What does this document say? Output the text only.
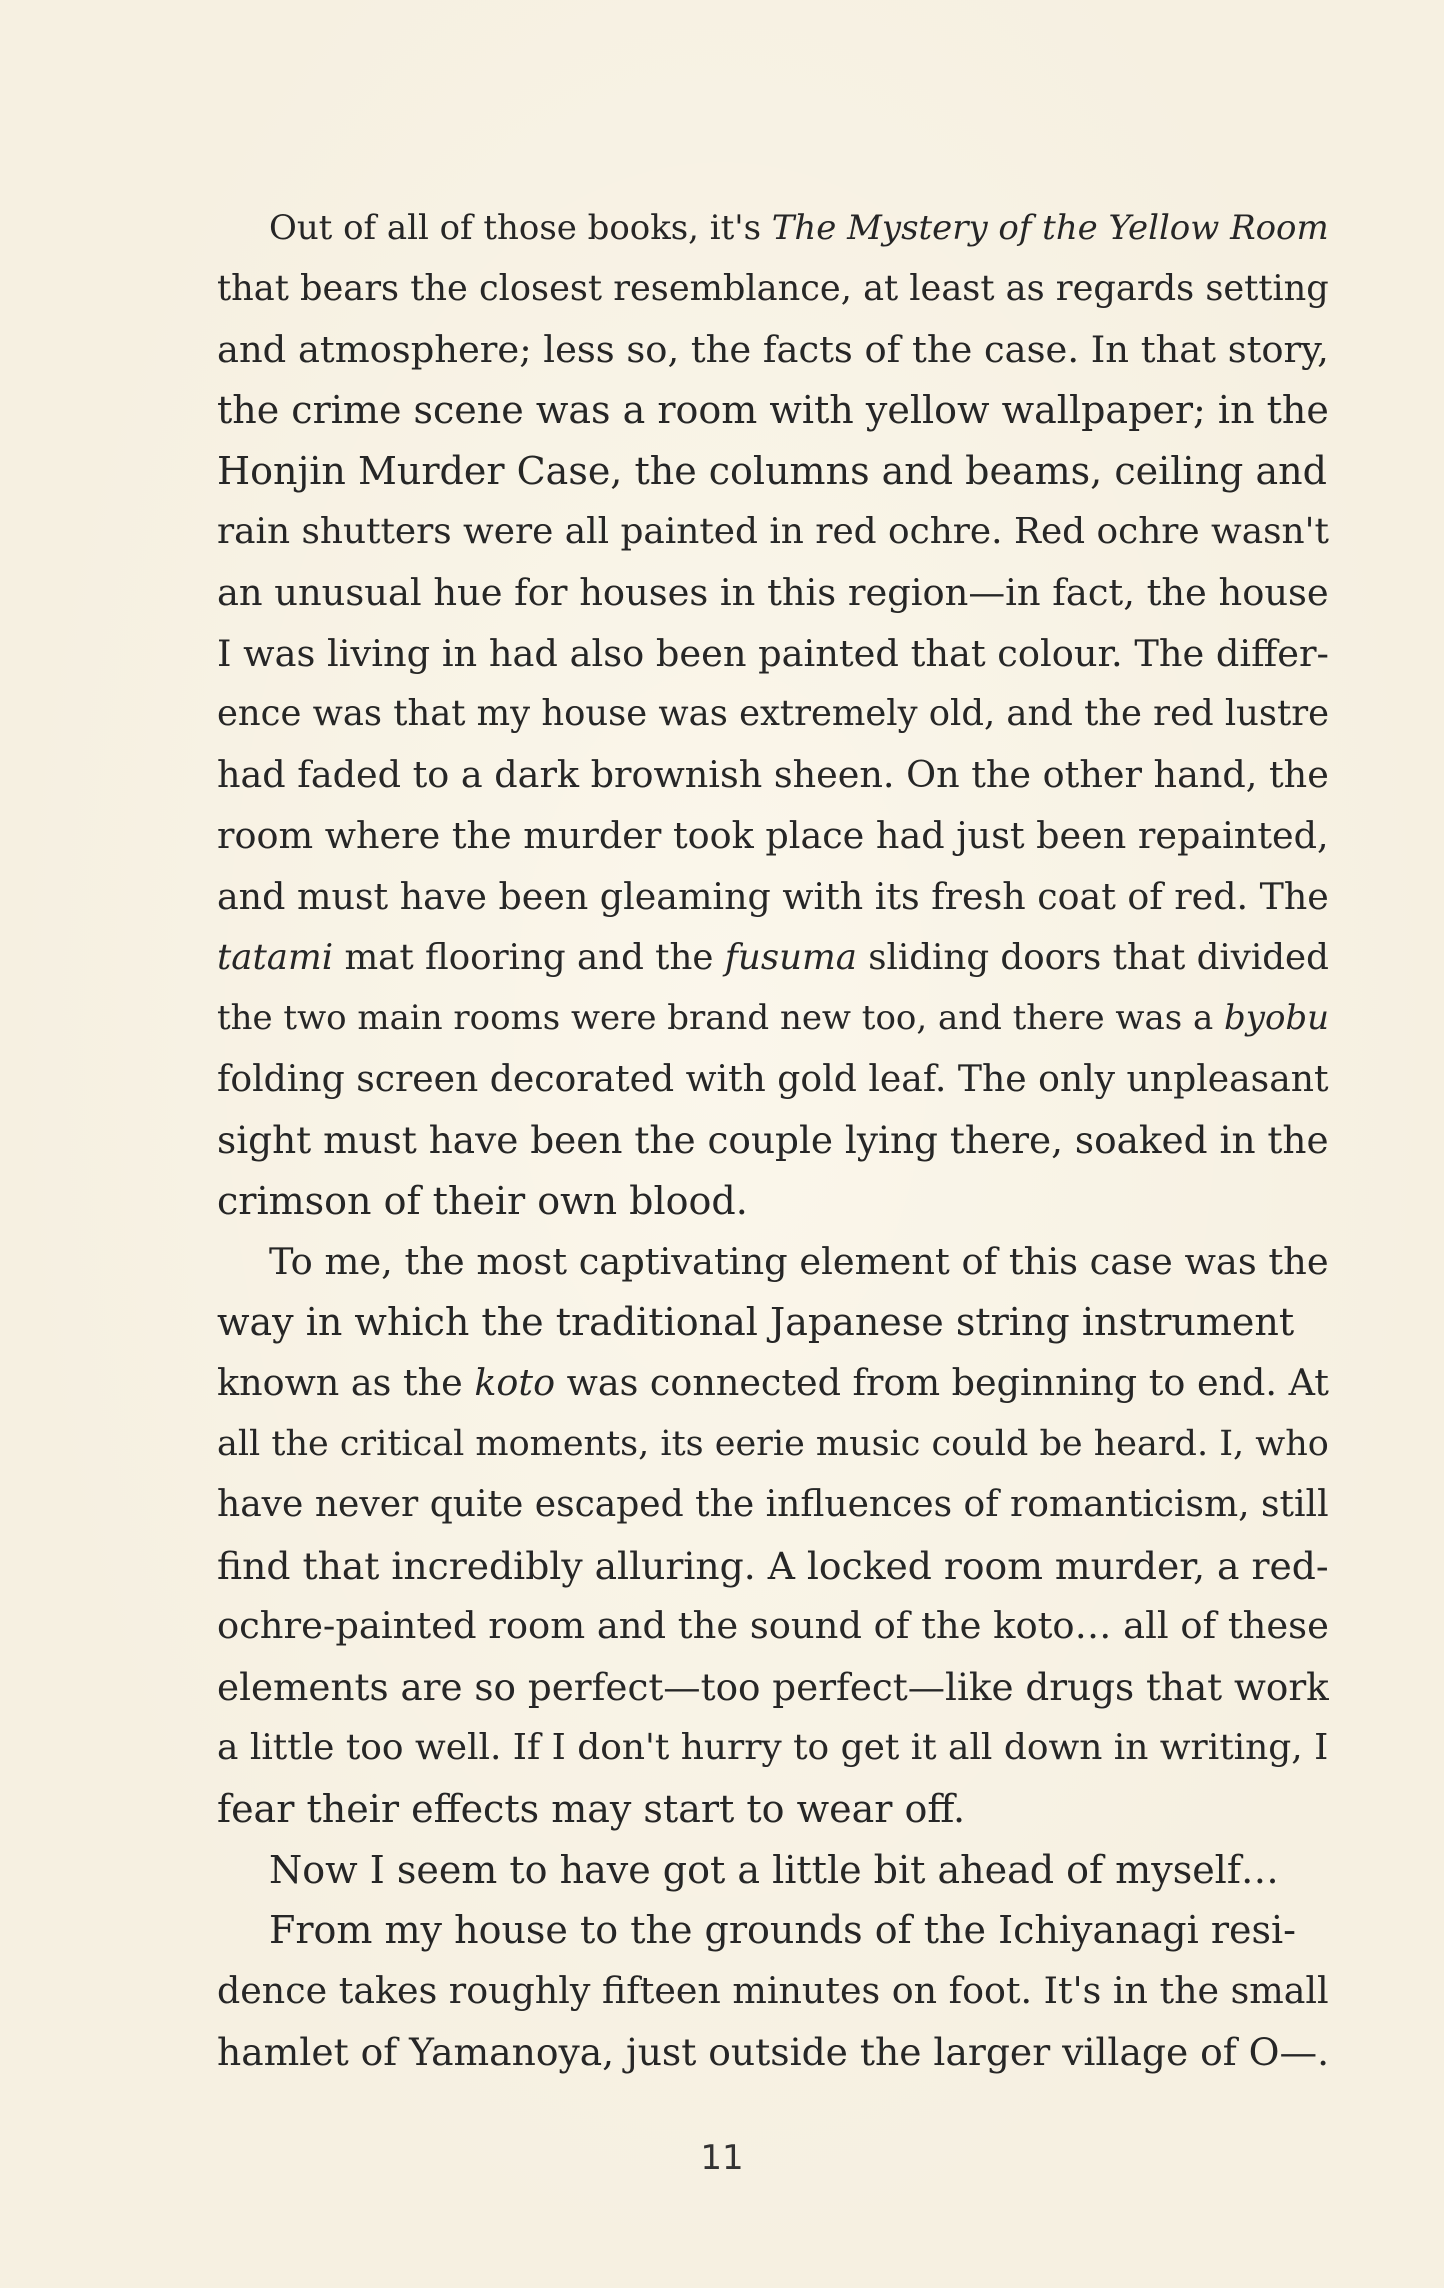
Out of all of those books, it's The Mystery of the Yellow Room
that bears the closest resemblance, at least as regards setting
and atmosphere; less so, the facts of the case. In that story,
the crime scene was a room with yellow wallpaper; in the
Honjin Murder Case, the columns and beams, ceiling and
rain shutters were all painted in red ochre. Red ochre wasn't
an unusual hue for houses in this region—in fact, the house
I was living in had also been painted that colour. The differ-
ence was that my house was extremely old, and the red lustre
had faded to a dark brownish sheen. On the other hand, the
room where the murder took place had just been repainted,
and must have been gleaming with its fresh coat of red. The
tatami mat flooring and the fusuma sliding doors that divided
the two main rooms were brand new too, and there was a byobu
folding screen decorated with gold leaf. The only unpleasant
sight must have been the couple lying there, soaked in the
crimson of their own blood.
To me, the most captivating element of this case was the
way in which the traditional Japanese string instrument
known as the koto was connected from beginning to end. At
all the critical moments, its eerie music could be heard. I, who
have never quite escaped the influences of romanticism, still
find that incredibly alluring. A locked room murder, a red-
ochre-painted room and the sound of the koto… all of these
elements are so perfect—too perfect—like drugs that work
a little too well. If I don't hurry to get it all down in writing, I
fear their effects may start to wear off.
Now I seem to have got a little bit ahead of myself…
From my house to the grounds of the Ichiyanagi resi-
dence takes roughly fifteen minutes on foot. It's in the small
hamlet of Yamanoya, just outside the larger village of O—.
11
